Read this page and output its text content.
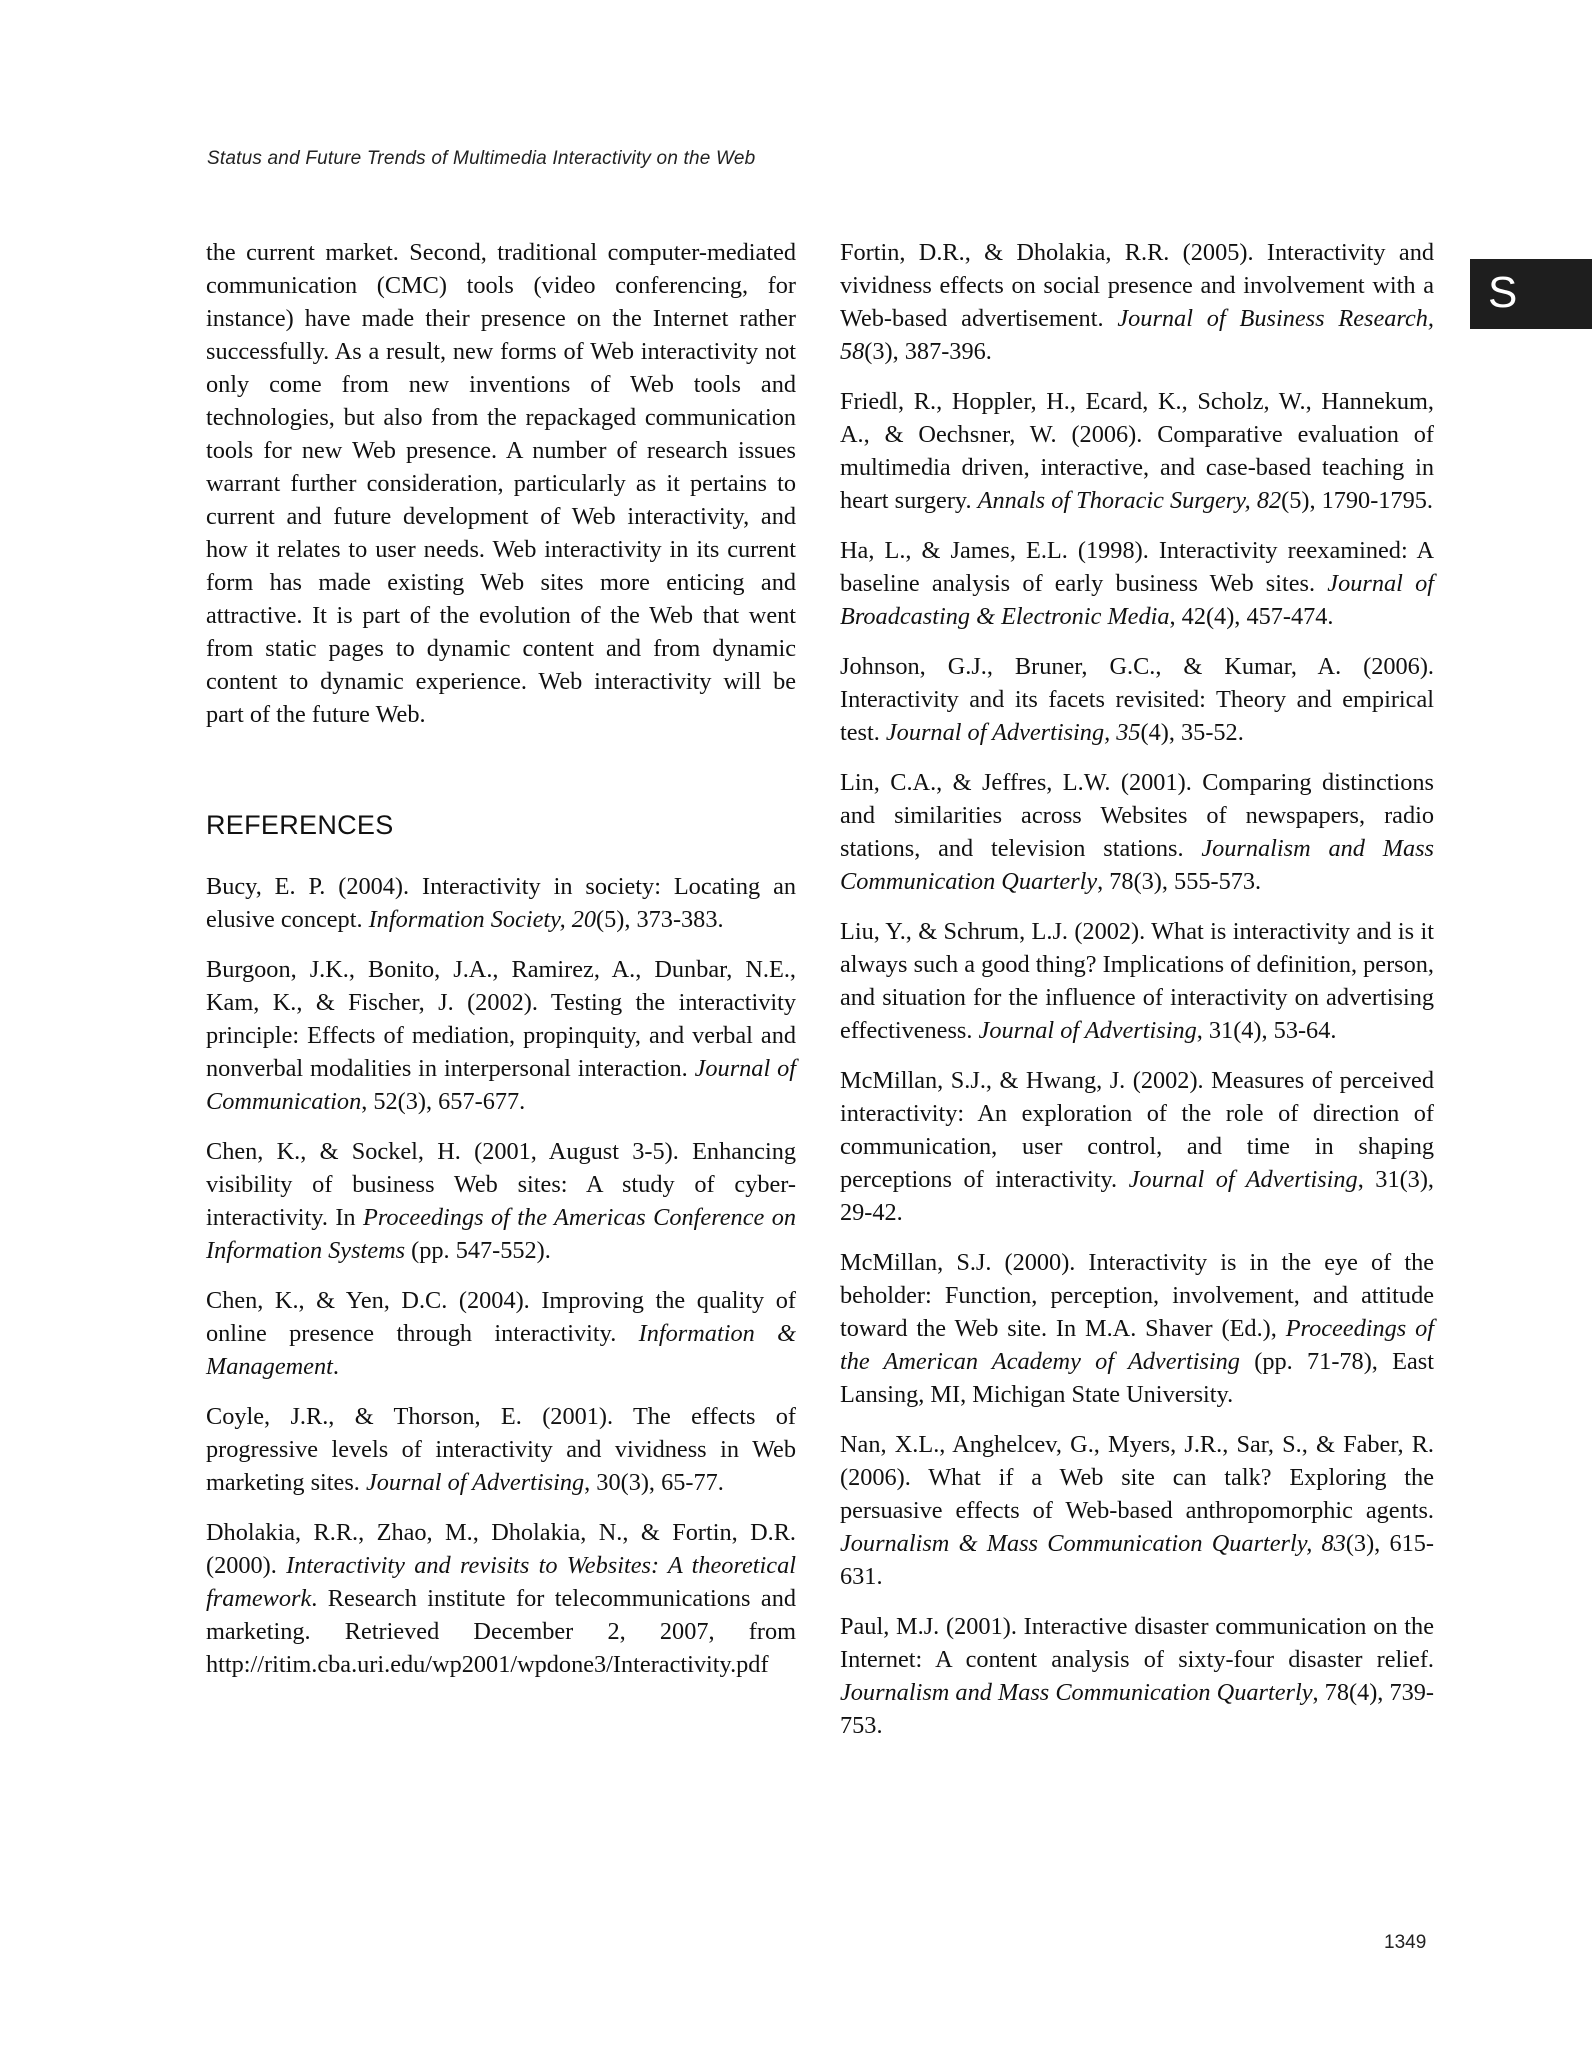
Status and Future Trends of Multimedia Interactivity on the Web
S

the current market. Second, traditional computer-mediated communication (CMC) tools (video conferencing, for instance) have made their presence on the Internet rather successfully. As a result, new forms of Web interactivity not only come from new inventions of Web tools and technologies, but also from the repackaged communication tools for new Web presence. A number of research issues warrant further consideration, particularly as it pertains to current and future development of Web interactivity, and how it relates to user needs. Web interactivity in its current form has made existing Web sites more enticing and attractive. It is part of the evolution of the Web that went from static pages to dynamic content and from dynamic content to dynamic experience. Web interactivity will be part of the future Web.

REFERENCES

Bucy, E. P. (2004). Interactivity in society: Locating an elusive concept. Information Society, 20(5), 373-383.

Burgoon, J.K., Bonito, J.A., Ramirez, A., Dunbar, N.E., Kam, K., & Fischer, J. (2002). Testing the interactivity principle: Effects of mediation, propinquity, and verbal and nonverbal modalities in interpersonal interaction. Journal of Communication, 52(3), 657-677.

Chen, K., & Sockel, H. (2001, August 3-5). Enhancing visibility of business Web sites: A study of cyber-interactivity. In Proceedings of the Americas Conference on Information Systems (pp. 547-552).

Chen, K., & Yen, D.C. (2004). Improving the quality of online presence through interactivity. Information & Management.

Coyle, J.R., & Thorson, E. (2001). The effects of progressive levels of interactivity and vividness in Web marketing sites. Journal of Advertising, 30(3), 65-77.

Dholakia, R.R., Zhao, M., Dholakia, N., & Fortin, D.R. (2000). Interactivity and revisits to Websites: A theoretical framework. Research institute for telecommunications and marketing. Retrieved December 2, 2007, from http://ritim.cba.uri.edu/wp2001/wpdone3/Interactivity.pdf

Fortin, D.R., & Dholakia, R.R. (2005). Interactivity and vividness effects on social presence and involvement with a Web-based advertisement. Journal of Business Research, 58(3), 387-396.

Friedl, R., Hoppler, H., Ecard, K., Scholz, W., Hannekum, A., & Oechsner, W. (2006). Comparative evaluation of multimedia driven, interactive, and case-based teaching in heart surgery. Annals of Thoracic Surgery, 82(5), 1790-1795.

Ha, L., & James, E.L. (1998). Interactivity reexamined: A baseline analysis of early business Web sites. Journal of Broadcasting & Electronic Media, 42(4), 457-474.

Johnson, G.J., Bruner, G.C., & Kumar, A. (2006). Interactivity and its facets revisited: Theory and empirical test. Journal of Advertising, 35(4), 35-52.

Lin, C.A., & Jeffres, L.W. (2001). Comparing distinctions and similarities across Websites of newspapers, radio stations, and television stations. Journalism and Mass Communication Quarterly, 78(3), 555-573.

Liu, Y., & Schrum, L.J. (2002). What is interactivity and is it always such a good thing? Implications of definition, person, and situation for the influence of interactivity on advertising effectiveness. Journal of Advertising, 31(4), 53-64.

McMillan, S.J., & Hwang, J. (2002). Measures of perceived interactivity: An exploration of the role of direction of communication, user control, and time in shaping perceptions of interactivity. Journal of Advertising, 31(3), 29-42.

McMillan, S.J. (2000). Interactivity is in the eye of the beholder: Function, perception, involvement, and attitude toward the Web site. In M.A. Shaver (Ed.), Proceedings of the American Academy of Advertising (pp. 71-78), East Lansing, MI, Michigan State University.

Nan, X.L., Anghelcev, G., Myers, J.R., Sar, S., & Faber, R. (2006). What if a Web site can talk? Exploring the persuasive effects of Web-based anthropomorphic agents. Journalism & Mass Communication Quarterly, 83(3), 615-631.

Paul, M.J. (2001). Interactive disaster communication on the Internet: A content analysis of sixty-four disaster relief. Journalism and Mass Communication Quarterly, 78(4), 739-753.

1349
